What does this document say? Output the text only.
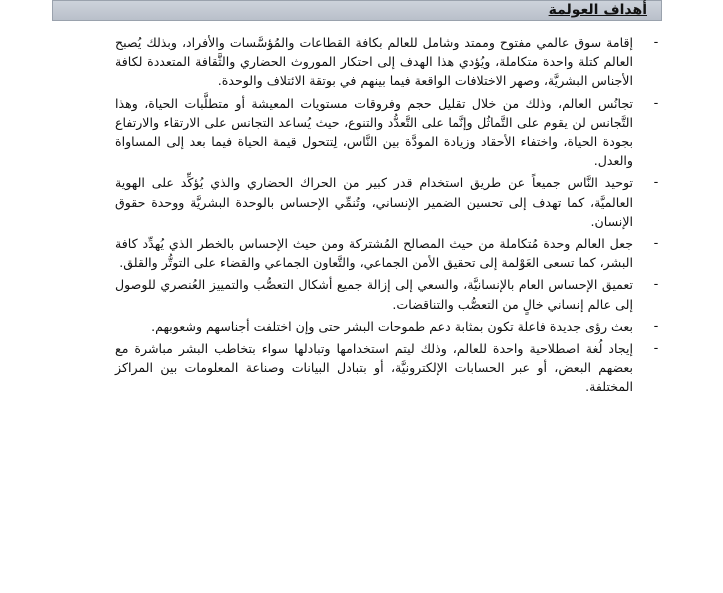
أهداف العولمة
-
إقامة سوق عالمي مفتوح وممتد وشامل للعالم بكافة القطاعات والمُؤسَّسات والأفراد، وبذلك يُصبح العالم كتلة واحدة متكاملة، ويُؤدي هذا الهدف إلى احتكار الموروث الحضاري والثَّقافة المتعددة لكافة الأجناس البشريَّة، وصهر الاختلافات الواقعة فيما بينهم في بوتقة الائتلاف والوحدة.
-
تجانُس العالم، وذلك من خلال تقليل حجم وفروقات مستويات المعيشة أو متطلَّبات الحياة، وهذا التَّجانس لن يقوم على التَّماثُل وإنَّما على التَّعدُّد والتنوع، حيث يُساعد التجانس على الارتقاء والارتفاع بجودة الحياة، واختفاء الأحقاد وزيادة المودَّة بين النَّاس، لِتتحول قيمة الحياة فيما بعد إلى المساواة والعدل.
-
توحيد النَّاس جميعاً عن طريق استخدام قدر كبير من الحراك الحضاري والذي يُؤكِّد على الهوية العالميَّة، كما تهدف إلى تحسين الضمير الإنساني، وتُنمِّي الإحساس بالوحدة البشريَّة ووحدة حقوق الإنسان.
-
جعل العالم وحدة مُتكاملة من حيث المصالح المُشتركة ومن حيث الإحساس بالخطر الذي يُهدِّد كافة البشر، كما تسعى العَوْلمة إلى تحقيق الأمن الجماعي، والتَّعاون الجماعي والقضاء على التوتُّر والقلق.
-
تعميق الإحساس العام بالإنسانيَّة، والسعي إلى إزالة جميع أشكال التعصُّب والتمييز العُنصري للوصول إلى عالم إنساني خالٍ من التعصُّب والتناقضات.
-
بعث رؤى جديدة فاعلة تكون بمثابة دعم طموحات البشر حتى وإن اختلفت أجناسهم وشعوبهم.
-
إيجاد لُغة اصطلاحية واحدة للعالم، وذلك ليتم استخدامها وتبادلها سواء بتخاطب البشر مباشرة مع بعضهم البعض، أو عبر الحسابات الإلكترونيَّة، أو بتبادل البيانات وصناعة المعلومات بين المراكز المختلفة.
